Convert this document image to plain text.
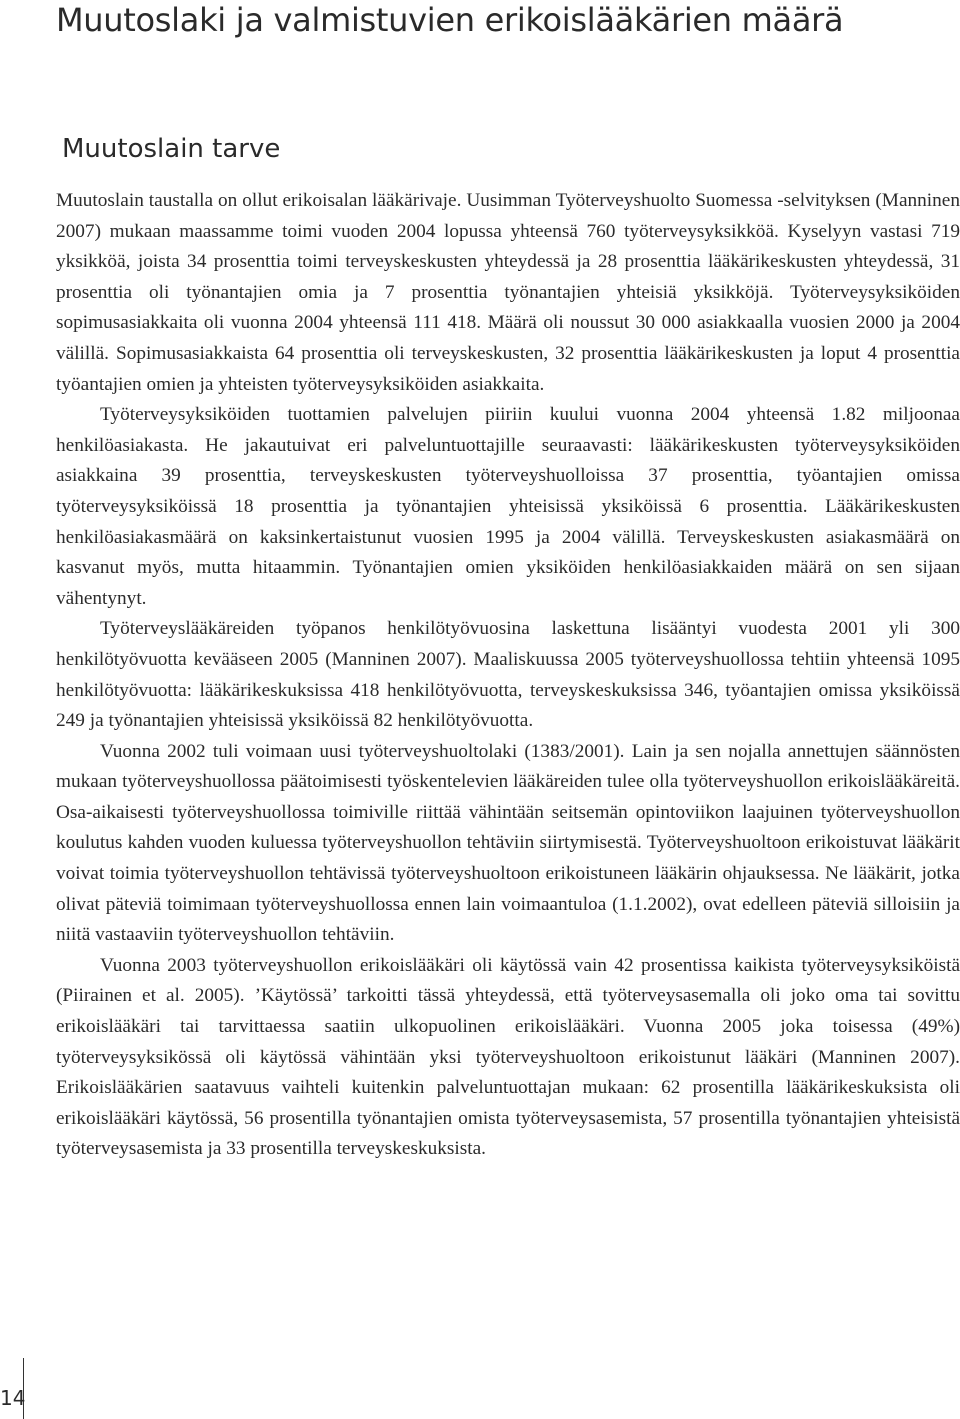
Muutoslaki ja valmistuvien erikoislääkärien määrä
Muutoslain tarve

Muutoslain taustalla on ollut erikoisalan lääkärivaje. Uusimman Työterveyshuolto Suomessa -selvityksen (Manninen 2007) mukaan maassamme toimi vuoden 2004 lopussa yhteensä 760 työterveysyksikköä. Kyselyyn vastasi 719 yksikköä, joista 34 prosenttia toimi terveyskeskusten yhteydessä ja 28 prosenttia lääkärikeskusten yhteydessä, 31 prosenttia oli työnantajien omia ja 7 prosenttia työnantajien yhteisiä yksikköjä. Työterveysyksiköiden sopimusasiakkaita oli vuonna 2004 yhteensä 111 418. Määrä oli noussut 30 000 asiakkaalla vuosien 2000 ja 2004 välillä. Sopimusasiakkaista 64 prosenttia oli terveyskeskusten, 32 prosenttia lääkärikeskusten ja loput 4 prosenttia työantajien omien ja yhteisten työterveysyksiköiden asiakkaita.

Työterveysyksiköiden tuottamien palvelujen piiriin kuului vuonna 2004 yhteensä 1.82 miljoonaa henkilöasiakasta. He jakautuivat eri palveluntuottajille seuraavasti: lääkärikeskusten työterveysyksiköiden asiakkaina 39 prosenttia, terveyskeskusten työterveyshuolloissa 37 prosenttia, työantajien omissa työterveysyksiköissä 18 prosenttia ja työnantajien yhteisissä yksiköissä 6 prosenttia. Lääkärikeskusten henkilöasiakasmäärä on kaksinkertaistunut vuosien 1995 ja 2004 välillä. Terveyskeskusten asiakasmäärä on kasvanut myös, mutta hitaammin. Työnantajien omien yksiköiden henkilöasiakkaiden määrä on sen sijaan vähentynyt.

Työterveyslääkäreiden työpanos henkilötyövuosina laskettuna lisääntyi vuodesta 2001 yli 300 henkilötyövuotta kevääseen 2005 (Manninen 2007). Maaliskuussa 2005 työterveyshuollossa tehtiin yhteensä 1095 henkilötyövuotta: lääkärikeskuksissa 418 henkilötyövuotta, terveyskeskuksissa 346, työantajien omissa yksiköissä 249 ja työnantajien yhteisissä yksiköissä 82 henkilötyövuotta.

Vuonna 2002 tuli voimaan uusi työterveyshuoltolaki (1383/2001). Lain ja sen nojalla annettujen säännösten mukaan työterveyshuollossa päätoimisesti työskentelevien lääkäreiden tulee olla työterveyshuollon erikoislääkäreitä. Osa-aikaisesti työterveyshuollossa toimiville riittää vähintään seitsemän opintoviikon laajuinen työterveyshuollon koulutus kahden vuoden kuluessa työterveyshuollon tehtäviin siirtymisestä. Työterveyshuoltoon erikoistuvat lääkärit voivat toimia työterveyshuollon tehtävissä työterveyshuoltoon erikoistuneen lääkärin ohjauksessa. Ne lääkärit, jotka olivat päteviä toimimaan työterveyshuollossa ennen lain voimaantuloa (1.1.2002), ovat edelleen päteviä silloisiin ja niitä vastaaviin työterveyshuollon tehtäviin.

Vuonna 2003 työterveyshuollon erikoislääkäri oli käytössä vain 42 prosentissa kaikista työterveysyksiköistä (Piirainen et al. 2005). ’Käytössä’ tarkoitti tässä yhteydessä, että työterveysasemalla oli joko oma tai sovittu erikoislääkäri tai tarvittaessa saatiin ulkopuolinen erikoislääkäri. Vuonna 2005 joka toisessa (49%) työterveysyksikössä oli käytössä vähintään yksi työterveyshuoltoon erikoistunut lääkäri (Manninen 2007). Erikoislääkärien saatavuus vaihteli kuitenkin palveluntuottajan mukaan: 62 prosentilla lääkärikeskuksista oli erikoislääkäri käytössä, 56 prosentilla työnantajien omista työterveysasemista, 57 prosentilla työnantajien yhteisistä työterveysasemista ja 33 prosentilla terveyskeskuksista.

14
